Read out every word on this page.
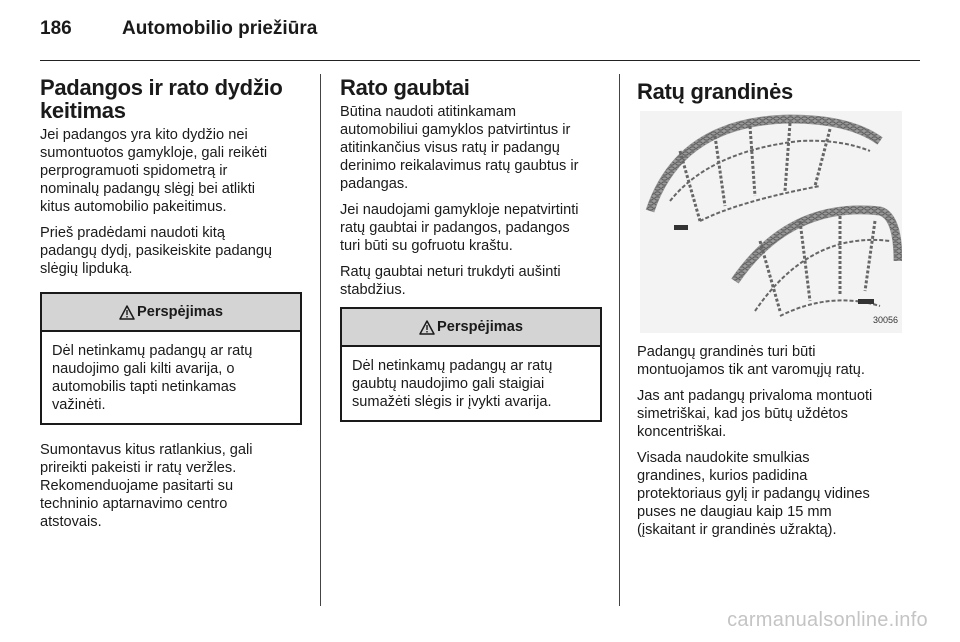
186	Automobilio priežiūra
Padangos ir rato dydžio
keitimas

Jei padangos yra kito dydžio nei
sumontuotos gamykloje, gali reikėti
perprogramuoti spidometrą ir
nominalų padangų slėgį bei atlikti
kitus automobilio pakeitimus.

Prieš pradėdami naudoti kitą
padangų dydį, pasikeiskite padangų
slėgių lipduką.

Perspėjimas
Dėl netinkamų padangų ar ratų
naudojimo gali kilti avarija, o
automobilis tapti netinkamas
važinėti.

Sumontavus kitus ratlankius, gali
prireikti pakeisti ir ratų veržles.
Rekomenduojame pasitarti su
techninio aptarnavimo centro
atstovais.

Rato gaubtai

Būtina naudoti atitinkamam
automobiliui gamyklos patvirtintus ir
atitinkančius visus ratų ir padangų
derinimo reikalavimus ratų gaubtus ir
padangas.

Jei naudojami gamykloje nepatvirtinti
ratų gaubtai ir padangos, padangos
turi būti su gofruotu kraštu.

Ratų gaubtai neturi trukdyti aušinti
stabdžius.

Perspėjimas
Dėl netinkamų padangų ar ratų
gaubtų naudojimo gali staigiai
sumažėti slėgis ir įvykti avarija.
Ratų grandinės
30056

Padangų grandinės turi būti
montuojamos tik ant varomųjų ratų.

Jas ant padangų privaloma montuoti
simetriškai, kad jos būtų uždėtos
koncentriškai.

Visada naudokite smulkias
grandines, kurios padidina
protektoriaus gylį ir padangų vidines
puses ne daugiau kaip 15 mm
(įskaitant ir grandinės užraktą).

carmanualsonline.info
